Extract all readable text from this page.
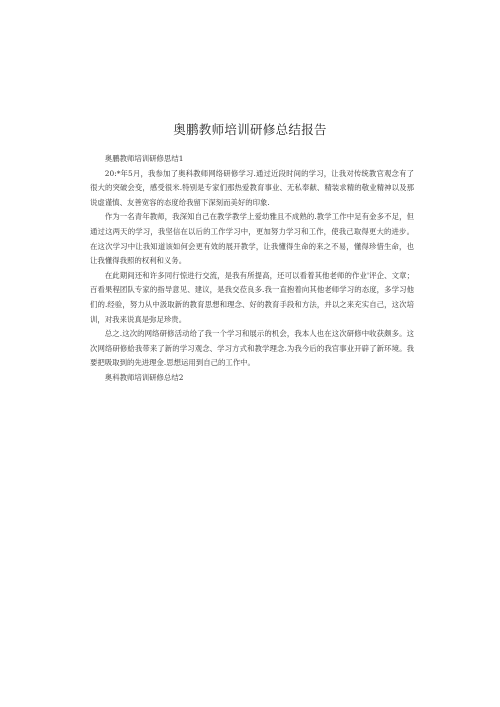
奥鹏教师培训研修总结报告

奥鹏教师培训研修思结1

20:*年5月，我参加了奥科教师网络研修学习.通过近段时间的学习，让我对传统教官观念有了很大的突破会变，感受很米.特别是专家们那热爱教育事业、无私奉献、精装求精的敬业精神以及那说虚谨慎、友善宽容的态度给我留下深刻而美好的印象.

作为一名青年教师，我深知自己在教学教学上爱幼雅且不成熟的.教学工作中足有金多不足，但通过这两天的学习，我坚信在以后的工作学习中，更加努力学习和工作，使我己取得更大的进步。在这次学习中让我知道该如何会更有效的展开教学，让我懂得生命的来之不易，懂得珍惜生命，也让我懂得我照的权利和义务。

在此期间还和许多同行惊进行交流，是我有所提高，还可以看着其他老师的作业'评企、文章；百看果程团队专家的指导意见、建议，是我交莅良多.我一直抱着向其他老师学习的态度，多学习他们的.经验，努力从中汲取新的教育思想和理念、好的教育手段和方法，并以之来充实自己，这次培训，对我来说真是弥足珍贵。

总之.这次的网络研修活动给了我一个学习和展示的机会，我本人也在这次研修中收获颇多。这次网络研修給我带来了新的学习观念、学习方式和教学理念.为我今后的我官事业开辟了新环境。我要把吸取到的先进理金.思想运用到自己的工作中。

奥科教师培训研修总结2
